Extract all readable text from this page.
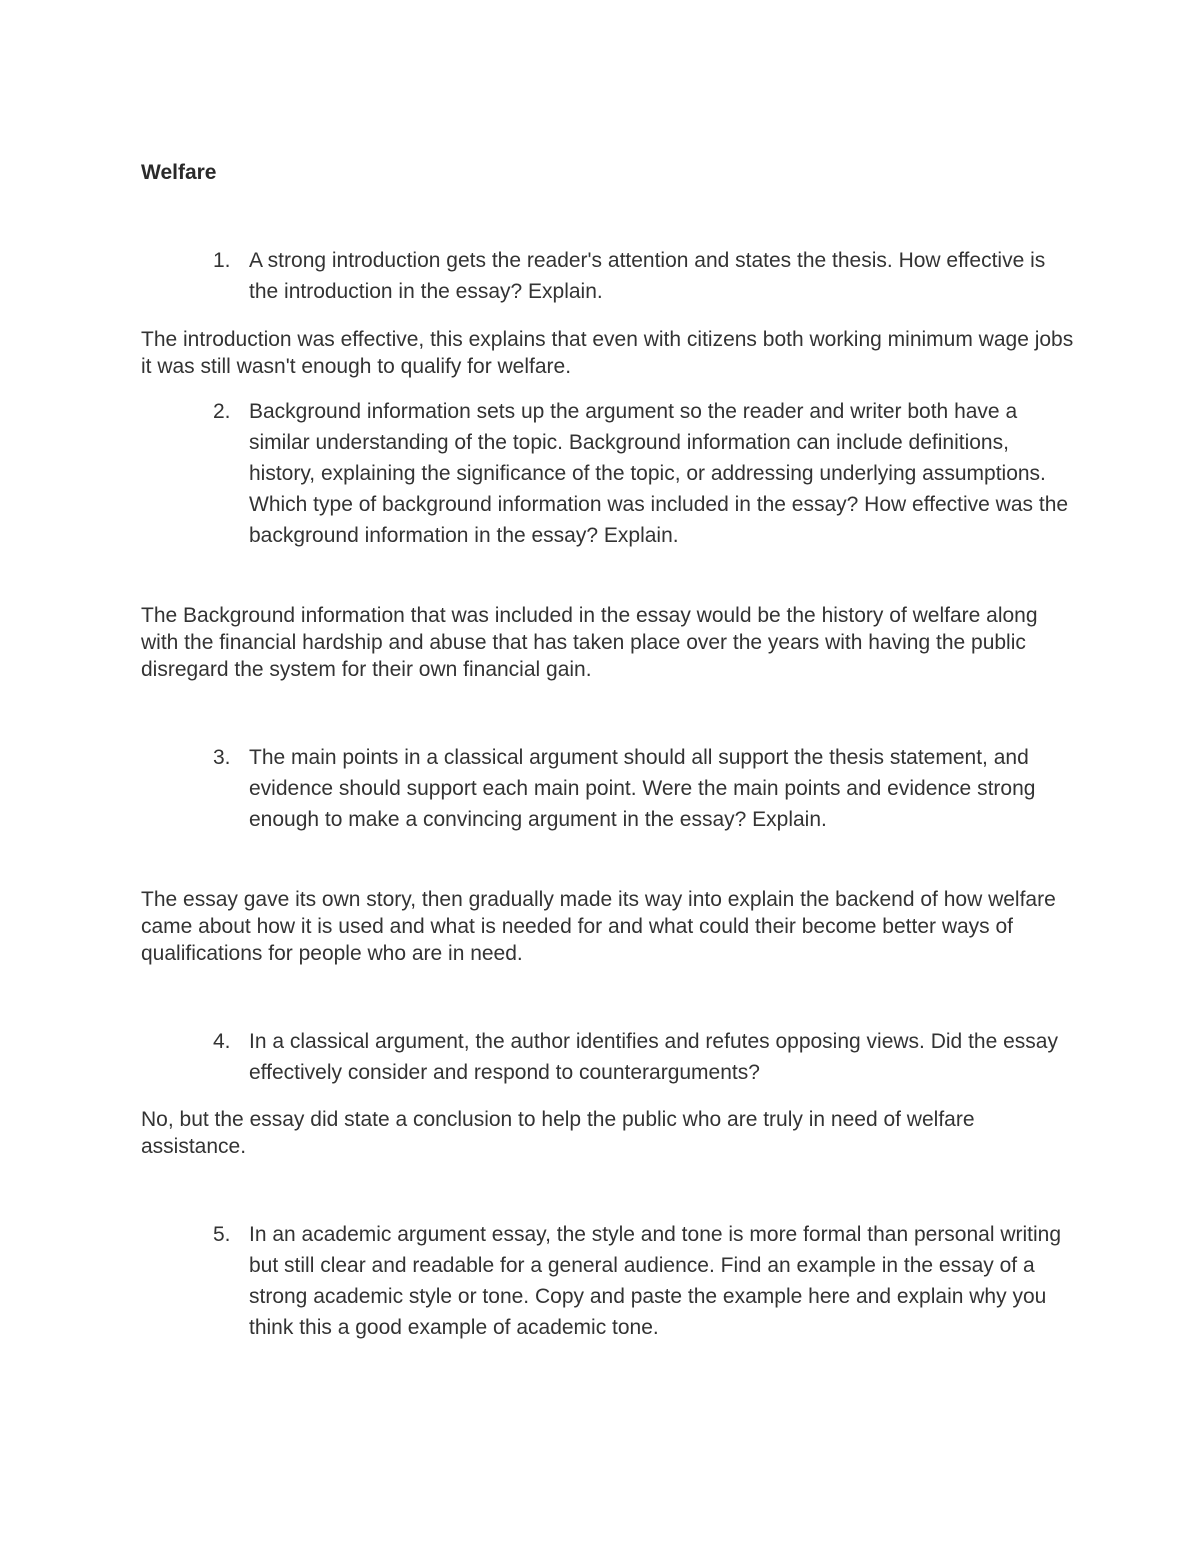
Welfare
1. A strong introduction gets the reader's attention and states the thesis. How effective is the introduction in the essay? Explain.

The introduction was effective, this explains that even with citizens both working minimum wage jobs it was still wasn't enough to qualify for welfare.

2. Background information sets up the argument so the reader and writer both have a similar understanding of the topic. Background information can include definitions, history, explaining the significance of the topic, or addressing underlying assumptions. Which type of background information was included in the essay? How effective was the background information in the essay? Explain.

The Background information that was included in the essay would be the history of welfare along with the financial hardship and abuse that has taken place over the years with having the public disregard the system for their own financial gain.

3. The main points in a classical argument should all support the thesis statement, and evidence should support each main point. Were the main points and evidence strong enough to make a convincing argument in the essay? Explain.

The essay gave its own story, then gradually made its way into explain the backend of how welfare came about how it is used and what is needed for and what could their become better ways of qualifications for people who are in need.

4. In a classical argument, the author identifies and refutes opposing views. Did the essay effectively consider and respond to counterarguments?

No, but the essay did state a conclusion to help the public who are truly in need of welfare assistance.

5. In an academic argument essay, the style and tone is more formal than personal writing but still clear and readable for a general audience. Find an example in the essay of a strong academic style or tone. Copy and paste the example here and explain why you think this a good example of academic tone.
